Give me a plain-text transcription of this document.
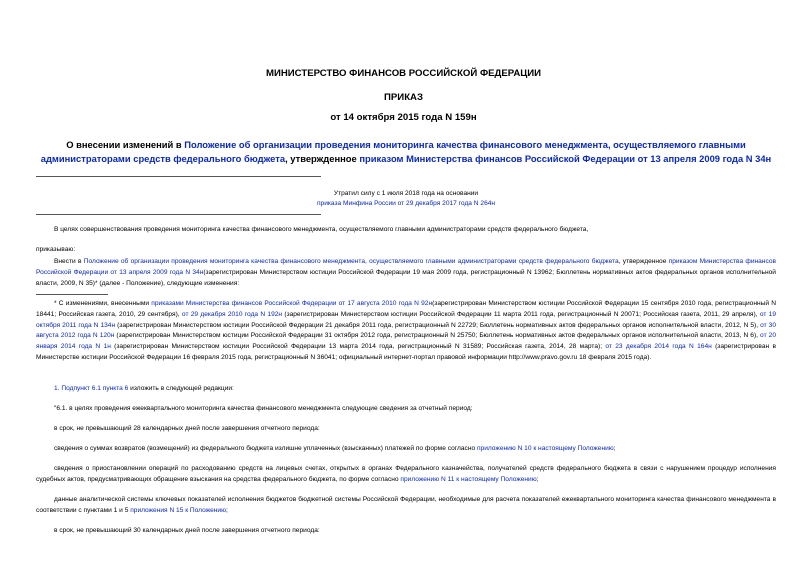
МИНИСТЕРСТВО ФИНАНСОВ РОССИЙСКОЙ ФЕДЕРАЦИИ
ПРИКАЗ
от 14 октября 2015 года N 159н
О внесении изменений в Положение об организации проведения мониторинга качества финансового менеджмента, осуществляемого главными администраторами средств федерального бюджета, утвержденное приказом Министерства финансов Российской Федерации от 13 апреля 2009 года N 34н
Утратил силу с 1 июля 2018 года на основании
приказа Минфина России от 29 декабря 2017 года N 264н
В целях совершенствования проведения мониторинга качества финансового менеджмента, осуществляемого главными администраторами средств федерального бюджета,
приказываю:
Внести в Положение об организации проведения мониторинга качества финансового менеджмента, осуществляемого главными администраторами средств федерального бюджета, утвержденное приказом Министерства финансов Российской Федерации от 13 апреля 2009 года N 34н(зарегистрирован Министерством юстиции Российской Федерации 19 мая 2009 года, регистрационный N 13962; Бюллетень нормативных актов федеральных органов исполнительной власти, 2009, N 35)* (далее - Положение), следующие изменения:
* С изменениями, внесенными приказами Министерства финансов Российской Федерации от 17 августа 2010 года N 92н(зарегистрирован Министерством юстиции Российской Федерации 15 сентября 2010 года, регистрационный N 18441; Российская газета, 2010, 29 сентября), от 29 декабря 2010 года N 192н (зарегистрирован Министерством юстиции Российской Федерации 11 марта 2011 года, регистрационный N 20071; Российская газета, 2011, 29 апреля), от 19 октября 2011 года N 134н (зарегистрирован Министерством юстиции Российской Федерации 21 декабря 2011 года, регистрационный N 22729; Бюллетень нормативных актов федеральных органов исполнительной власти, 2012, N 5), от 30 августа 2012 года N 120н (зарегистрирован Министерством юстиции Российской Федерации 31 октября 2012 года, регистрационный N 25750; Бюллетень нормативных актов федеральных органов исполнительной власти, 2013, N 6), от 20 января 2014 года N 1н (зарегистрирован Министерством юстиции Российской Федерации 13 марта 2014 года, регистрационный N 31589; Российская газета, 2014, 28 марта); от 23 декабря 2014 года N 164н (зарегистрирован в Министерстве юстиции Российской Федерации 16 февраля 2015 года, регистрационный N 36041; официальный интернет-портал правовой информации http://www.pravo.gov.ru 18 февраля 2015 года).
1. Подпункт 6.1 пункта 6 изложить в следующей редакции:
"6.1. в целях проведения ежеквартального мониторинга качества финансового менеджмента следующие сведения за отчетный период:
в срок, не превышающий 28 календарных дней после завершения отчетного периода:
сведения о суммах возвратов (возмещений) из федерального бюджета излишне уплаченных (взысканных) платежей по форме согласно приложению N 10 к настоящему Положению;
сведения о приостановлении операций по расходованию средств на лицевых счетах, открытых в органах Федерального казначейства, получателей средств федерального бюджета в связи с нарушением процедур исполнения судебных актов, предусматривающих обращение взыскания на средства федерального бюджета, по форме согласно приложению N 11 к настоящему Положению;
данные аналитической системы ключевых показателей исполнения бюджетов бюджетной системы Российской Федерации, необходимые для расчета показателей ежеквартального мониторинга качества финансового менеджмента в соответствии с пунктами 1 и 5 приложения N 15 к Положению;
в срок, не превышающий 30 календарных дней после завершения отчетного периода:
